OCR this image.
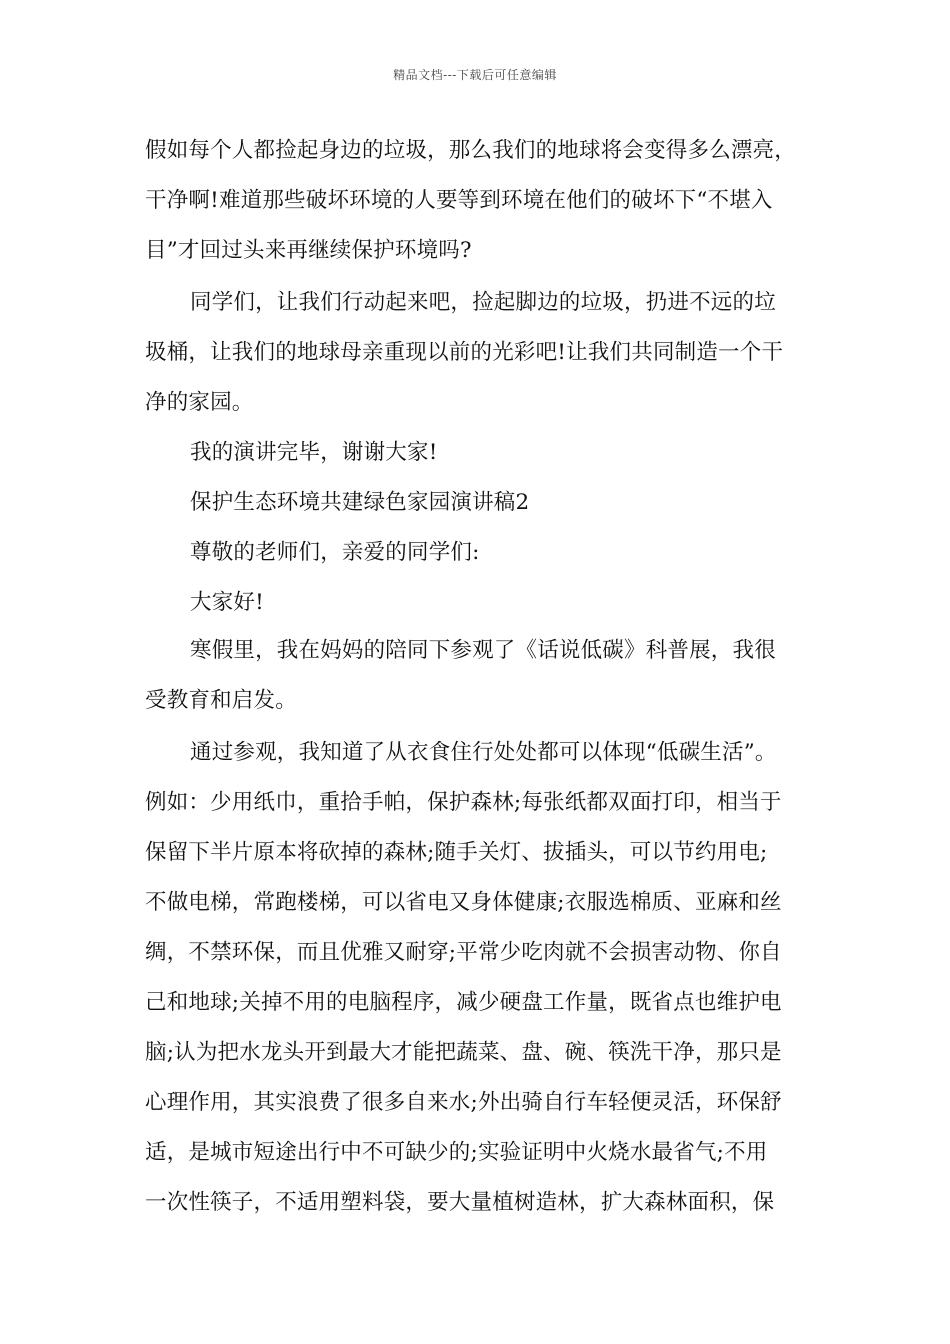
精品文档---下载后可任意编辑
假如每个人都捡起身边的垃圾，那么我们的地球将会变得多么漂亮，
干净啊!难道那些破坏环境的人要等到环境在他们的破坏下“不堪入
目”才回过头来再继续保护环境吗?
同学们，让我们行动起来吧，捡起脚边的垃圾，扔进不远的垃
圾桶，让我们的地球母亲重现以前的光彩吧!让我们共同制造一个干
净的家园。
我的演讲完毕，谢谢大家!
保护生态环境共建绿色家园演讲稿2
尊敬的老师们，亲爱的同学们:
大家好!
寒假里，我在妈妈的陪同下参观了《话说低碳》科普展，我很
受教育和启发。
通过参观，我知道了从衣食住行处处都可以体现“低碳生活”。
例如：少用纸巾，重拾手帕，保护森林;每张纸都双面打印，相当于
保留下半片原本将砍掉的森林;随手关灯、拔插头，可以节约用电;
不做电梯，常跑楼梯，可以省电又身体健康;衣服选棉质、亚麻和丝
绸，不禁环保，而且优雅又耐穿;平常少吃肉就不会损害动物、你自
己和地球;关掉不用的电脑程序，减少硬盘工作量，既省点也维护电
脑;认为把水龙头开到最大才能把蔬菜、盘、碗、筷洗干净，那只是
心理作用，其实浪费了很多自来水;外出骑自行车轻便灵活，环保舒
适，是城市短途出行中不可缺少的;实验证明中火烧水最省气;不用
一次性筷子，不适用塑料袋，要大量植树造林，扩大森林面积，保
